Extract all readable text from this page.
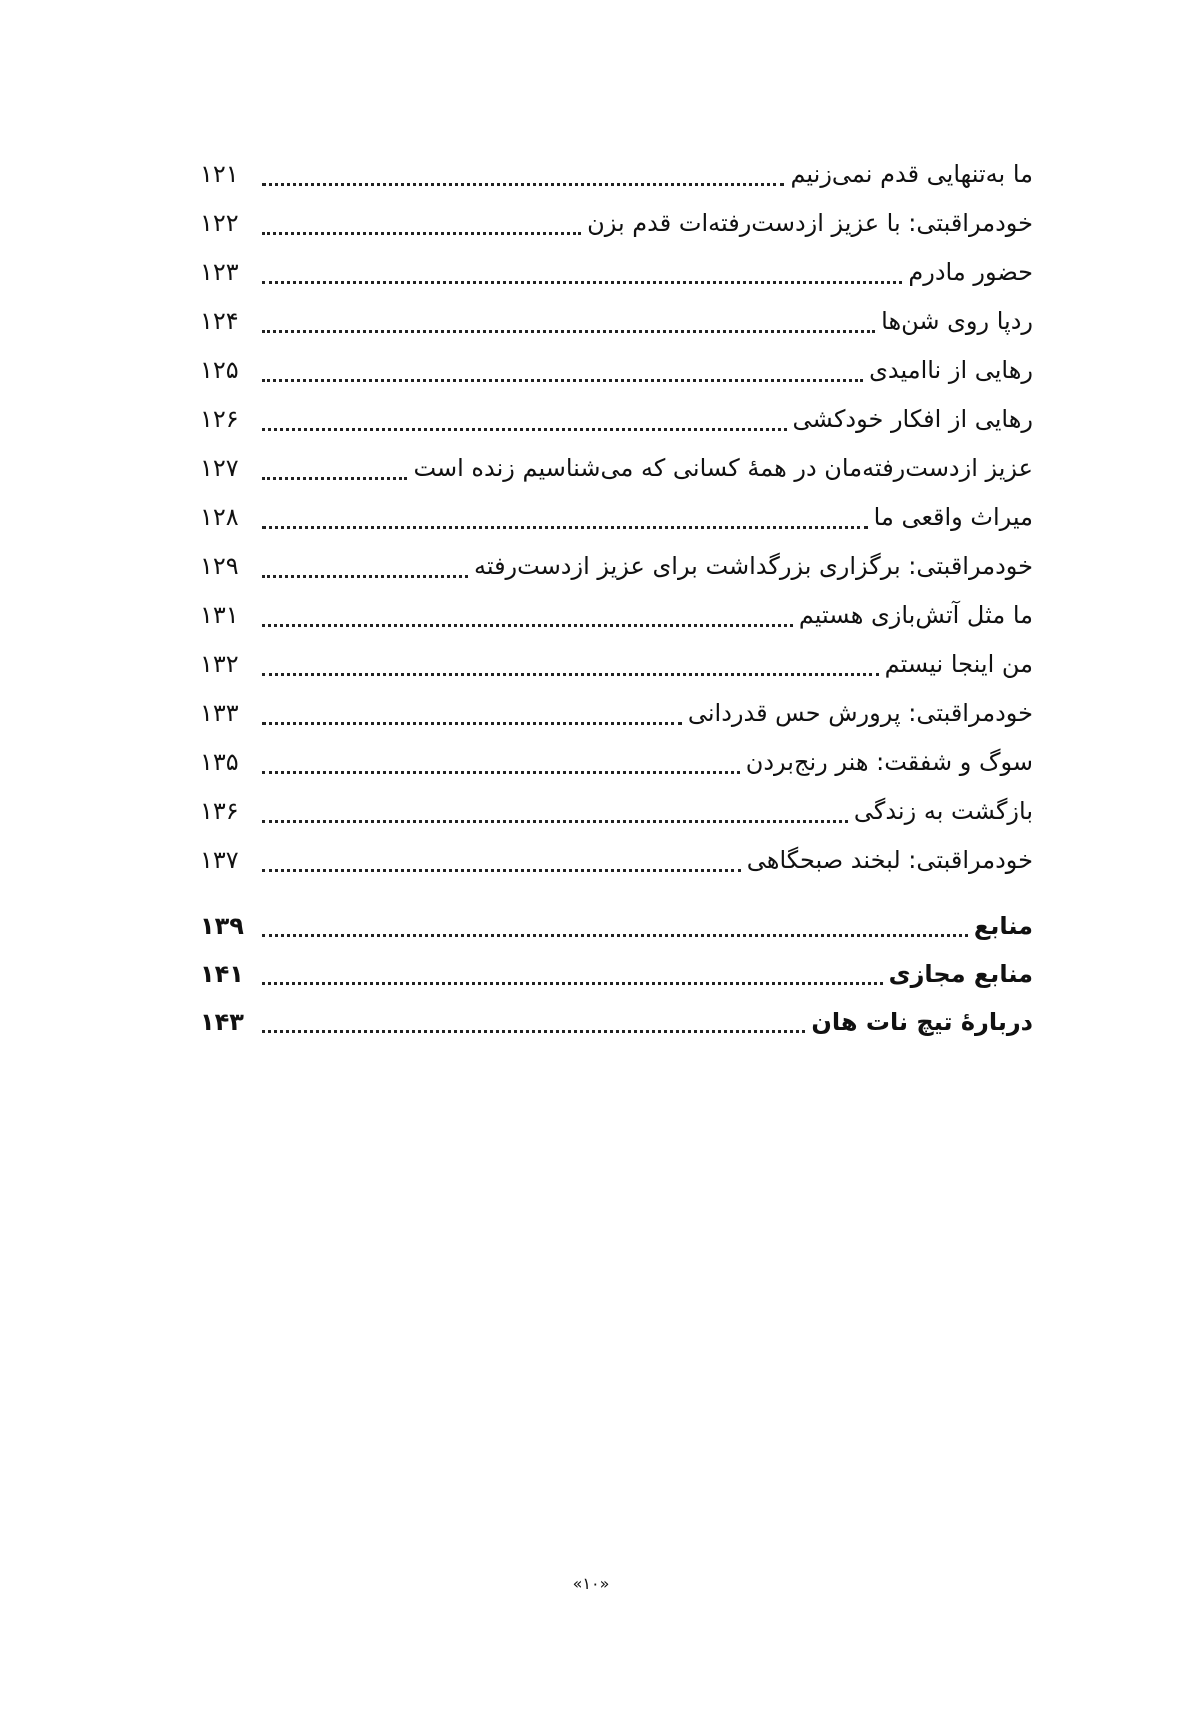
ما به‌تنهایی قدم نمی‌زنیم
۱۲۱
خودمراقبتی: با عزیز ازدست‌رفته‌ات قدم بزن
۱۲۲
حضور مادرم
۱۲۳
ردپا روی شن‌ها
۱۲۴
رهایی از ناامیدی
۱۲۵
رهایی از افکار خودکشی
۱۲۶
عزیز ازدست‌رفته‌مان در همهٔ کسانی که می‌شناسیم زنده است
۱۲۷
میراث واقعی ما
۱۲۸
خودمراقبتی: برگزاری بزرگداشت برای عزیز ازدست‌رفته
۱۲۹
ما مثل آتش‌بازی هستیم
۱۳۱
من اینجا نیستم
۱۳۲
خودمراقبتی: پرورش حس قدردانی
۱۳۳
سوگ و شفقت: هنر رنج‌بردن
۱۳۵
بازگشت به زندگی
۱۳۶
خودمراقبتی: لبخند صبحگاهی
۱۳۷
منابع
۱۳۹
منابع مجازی
۱۴۱
دربارهٔ تیچ نات هان
۱۴۳
«۱۰»
